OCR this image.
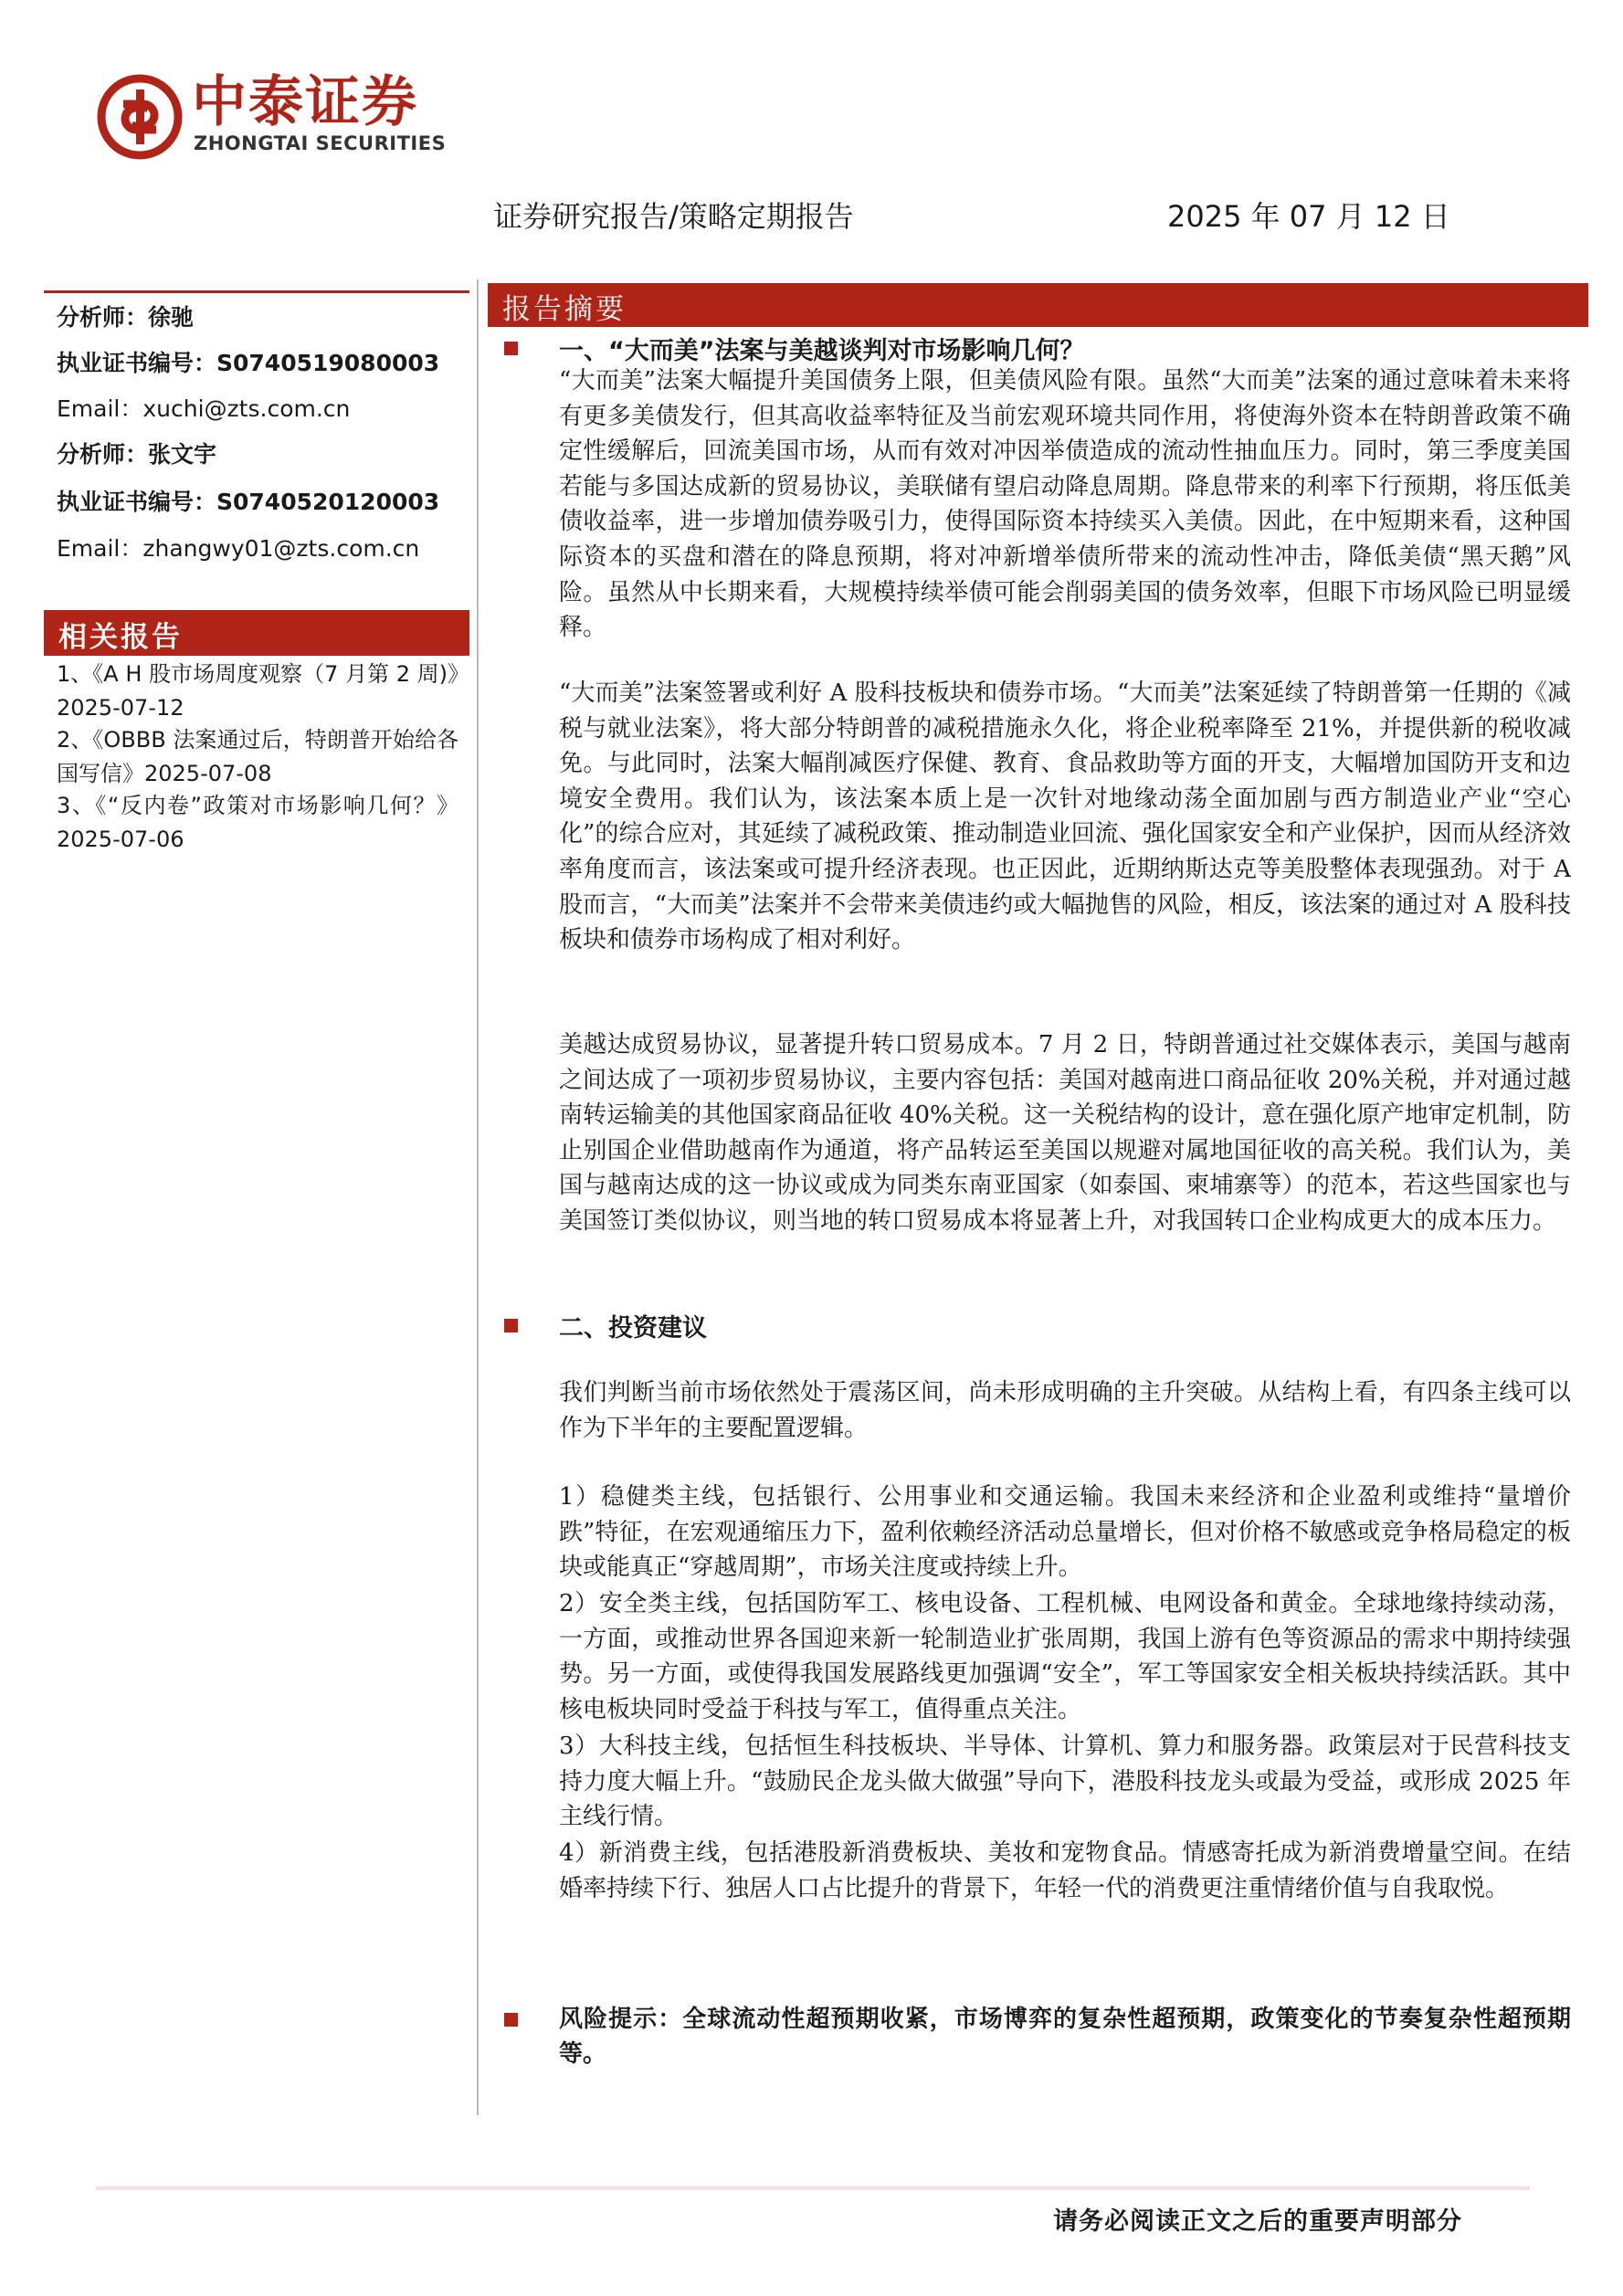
中泰证券
ZHONGTAI SECURITIES
证券研究报告/策略定期报告	2025 年 07 月 12 日
分析师：徐驰
执业证书编号：S0740519080003
Email：xuchi@zts.com.cn
分析师：张文宇
执业证书编号：S0740520120003
Email：zhangwy01@zts.com.cn
相关报告
1、《A H 股市场周度观察（7 月第 2 周)》2025-07-12
2、《OBBB 法案通过后，特朗普开始给各国写信》2025-07-08
3、《“反内卷”政策对市场影响几何？》2025-07-06
报告摘要
一、“大而美”法案与美越谈判对市场影响几何？
“大而美”法案大幅提升美国债务上限，但美债风险有限。虽然“大而美”法案的通过意味着未来将有更多美债发行，但其高收益率特征及当前宏观环境共同作用，将使海外资本在特朗普政策不确定性缓解后，回流美国市场，从而有效对冲因举债造成的流动性抽血压力。同时，第三季度美国若能与多国达成新的贸易协议，美联储有望启动降息周期。降息带来的利率下行预期，将压低美债收益率，进一步增加债券吸引力，使得国际资本持续买入美债。因此，在中短期来看，这种国际资本的买盘和潜在的降息预期，将对冲新增举债所带来的流动性冲击，降低美债“黑天鹅”风险。虽然从中长期来看，大规模持续举债可能会削弱美国的债务效率，但眼下市场风险已明显缓释。
“大而美”法案签署或利好 A 股科技板块和债券市场。“大而美”法案延续了特朗普第一任期的《减税与就业法案》，将大部分特朗普的减税措施永久化，将企业税率降至 21%，并提供新的税收减免。与此同时，法案大幅削减医疗保健、教育、食品救助等方面的开支，大幅增加国防开支和边境安全费用。我们认为，该法案本质上是一次针对地缘动荡全面加剧与西方制造业产业“空心化”的综合应对，其延续了减税政策、推动制造业回流、强化国家安全和产业保护，因而从经济效率角度而言，该法案或可提升经济表现。也正因此，近期纳斯达克等美股整体表现强劲。对于 A 股而言，“大而美”法案并不会带来美债违约或大幅抛售的风险，相反，该法案的通过对 A 股科技板块和债券市场构成了相对利好。
美越达成贸易协议，显著提升转口贸易成本。7 月 2 日，特朗普通过社交媒体表示，美国与越南之间达成了一项初步贸易协议，主要内容包括：美国对越南进口商品征收 20%关税，并对通过越南转运输美的其他国家商品征收 40%关税。这一关税结构的设计，意在强化原产地审定机制，防止别国企业借助越南作为通道，将产品转运至美国以规避对属地国征收的高关税。我们认为，美国与越南达成的这一协议或成为同类东南亚国家（如泰国、柬埔寨等）的范本，若这些国家也与美国签订类似协议，则当地的转口贸易成本将显著上升，对我国转口企业构成更大的成本压力。
二、投资建议
我们判断当前市场依然处于震荡区间，尚未形成明确的主升突破。从结构上看，有四条主线可以作为下半年的主要配置逻辑。
1）稳健类主线，包括银行、公用事业和交通运输。我国未来经济和企业盈利或维持“量增价跌”特征，在宏观通缩压力下，盈利依赖经济活动总量增长，但对价格不敏感或竞争格局稳定的板块或能真正“穿越周期”，市场关注度或持续上升。
2）安全类主线，包括国防军工、核电设备、工程机械、电网设备和黄金。全球地缘持续动荡，一方面，或推动世界各国迎来新一轮制造业扩张周期，我国上游有色等资源品的需求中期持续强势。另一方面，或使得我国发展路线更加强调“安全”，军工等国家安全相关板块持续活跃。其中核电板块同时受益于科技与军工，值得重点关注。
3）大科技主线，包括恒生科技板块、半导体、计算机、算力和服务器。政策层对于民营科技支持力度大幅上升。“鼓励民企龙头做大做强”导向下，港股科技龙头或最为受益，或形成 2025 年主线行情。
4）新消费主线，包括港股新消费板块、美妆和宠物食品。情感寄托成为新消费增量空间。在结婚率持续下行、独居人口占比提升的背景下，年轻一代的消费更注重情绪价值与自我取悦。
风险提示：全球流动性超预期收紧，市场博弈的复杂性超预期，政策变化的节奏复杂性超预期等。
请务必阅读正文之后的重要声明部分
